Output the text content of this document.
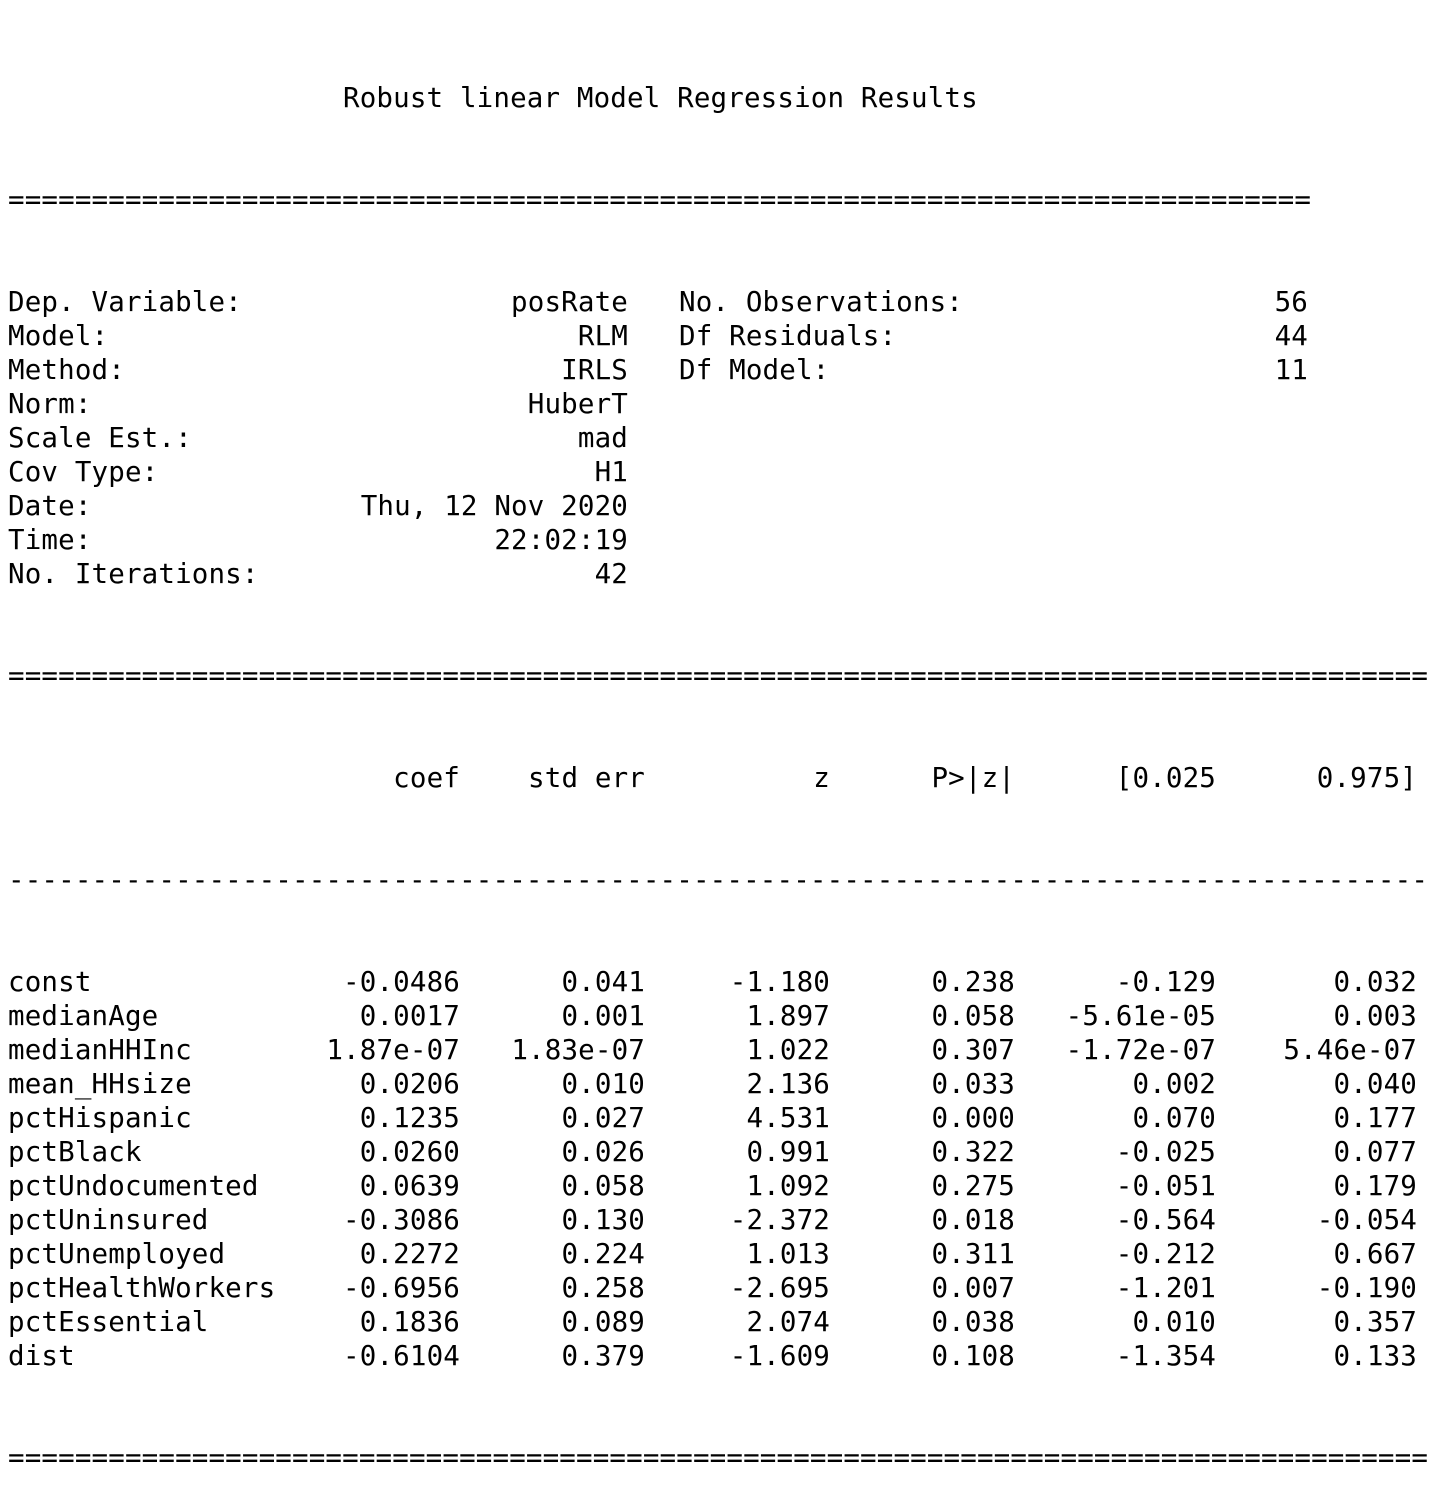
Robust linear Model Regression Results

==============================================================================

Dep. Variable:	posRate No. Observations:	56
Model:	RLM Df Residuals:	44
Method:	IRLS Df Model:	11
Norm:	HuberT
Scale Est.:	mad
Cov Type:	H1
Date:	Thu, 12 Nov 2020
Time:	22:02:19
No. Iterations:	42

=====================================================================================

coef std err	z	P>|z|	[0.025	0.975]

-------------------------------------------------------------------------------------

const	-0.0486	0.041	-1.180	0.238	-0.129	0.032
medianAge	0.0017	0.001	1.897	0.058 -5.61e-05	0.003
medianHHInc	1.87e-07 1.83e-07	1.022	0.307 -1.72e-07 5.46e-07
mean_HHsize	0.0206	0.010	2.136	0.033	0.002	0.040
pctHispanic	0.1235	0.027	4.531	0.000	0.070	0.177
pctBlack	0.0260	0.026	0.991	0.322	-0.025	0.077
pctUndocumented	0.0639	0.058	1.092	0.275	-0.051	0.179
pctUninsured	-0.3086	0.130	-2.372	0.018	-0.564	-0.054
pctUnemployed	0.2272	0.224	1.013	0.311	-0.212	0.667
pctHealthWorkers -0.6956	0.258	-2.695	0.007	-1.201	-0.190
pctEssential	0.1836	0.089	2.074	0.038	0.010	0.357
dist	-0.6104	0.379	-1.609	0.108	-1.354	0.133

=====================================================================================
